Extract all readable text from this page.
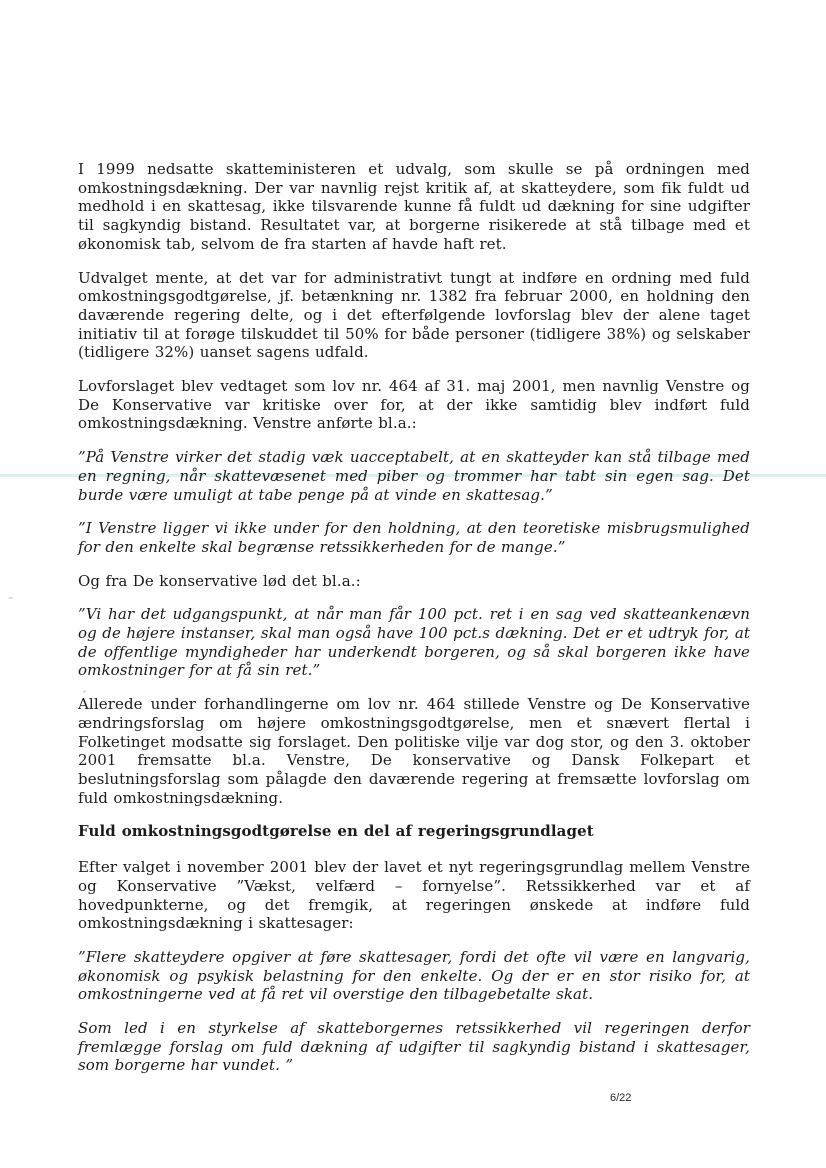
I 1999 nedsatte skatteministeren et udvalg, som skulle se på ordningen med omkostningsdækning. Der var navnlig rejst kritik af, at skatteydere, som fik fuldt ud medhold i en skattesag, ikke tilsvarende kunne få fuldt ud dækning for sine udgifter til sagkyndig bistand. Resultatet var, at borgerne risikerede at stå tilbage med et økonomisk tab, selvom de fra starten af havde haft ret.

Udvalget mente, at det var for administrativt tungt at indføre en ordning med fuld omkostningsgodtgørelse, jf. betænkning nr. 1382 fra februar 2000, en holdning den daværende regering delte, og i det efterfølgende lovforslag blev der alene taget initiativ til at forøge tilskuddet til 50% for både personer (tidligere 38%) og selskaber (tidligere 32%) uanset sagens udfald.

Lovforslaget blev vedtaget som lov nr. 464 af 31. maj 2001, men navnlig Venstre og De Konservative var kritiske over for, at der ikke samtidig blev indført fuld omkostningsdækning. Venstre anførte bl.a.:

”På Venstre virker det stadig væk uacceptabelt, at en skatteyder kan stå tilbage med en regning, når skattevæsenet med piber og trommer har tabt sin egen sag. Det burde være umuligt at tabe penge på at vinde en skattesag.”

”I Venstre ligger vi ikke under for den holdning, at den teoretiske misbrugsmulighed for den enkelte skal begrænse retssikkerheden for de mange.”

Og fra De konservative lød det bl.a.:

”Vi har det udgangspunkt, at når man får 100 pct. ret i en sag ved skatteankenævn og de højere instanser, skal man også have 100 pct.s dækning. Det er et udtryk for, at de offentlige myndigheder har underkendt borgeren, og så skal borgeren ikke have omkostninger for at få sin ret.”

Allerede under forhandlingerne om lov nr. 464 stillede Venstre og De Konservative ændringsforslag om højere omkostningsgodtgørelse, men et snævert flertal i Folketinget modsatte sig forslaget. Den politiske vilje var dog stor, og den 3. oktober 2001 fremsatte bl.a. Venstre, De konservative og Dansk Folkepart et beslutningsforslag som pålagde den daværende regering at fremsætte lovforslag om fuld omkostningsdækning.

Fuld omkostningsgodtgørelse en del af regeringsgrundlaget

Efter valget i november 2001 blev der lavet et nyt regeringsgrundlag mellem Venstre og Konservative ”Vækst, velfærd – fornyelse”. Retssikkerhed var et af hovedpunkterne, og det fremgik, at regeringen ønskede at indføre fuld omkostningsdækning i skattesager:

”Flere skatteydere opgiver at føre skattesager, fordi det ofte vil være en langvarig, økonomisk og psykisk belastning for den enkelte. Og der er en stor risiko for, at omkostningerne ved at få ret vil overstige den tilbagebetalte skat.

Som led i en styrkelse af skatteborgernes retssikkerhed vil regeringen derfor fremlægge forslag om fuld dækning af udgifter til sagkyndig bistand i skattesager, som borgerne har vundet. ”

6/22
